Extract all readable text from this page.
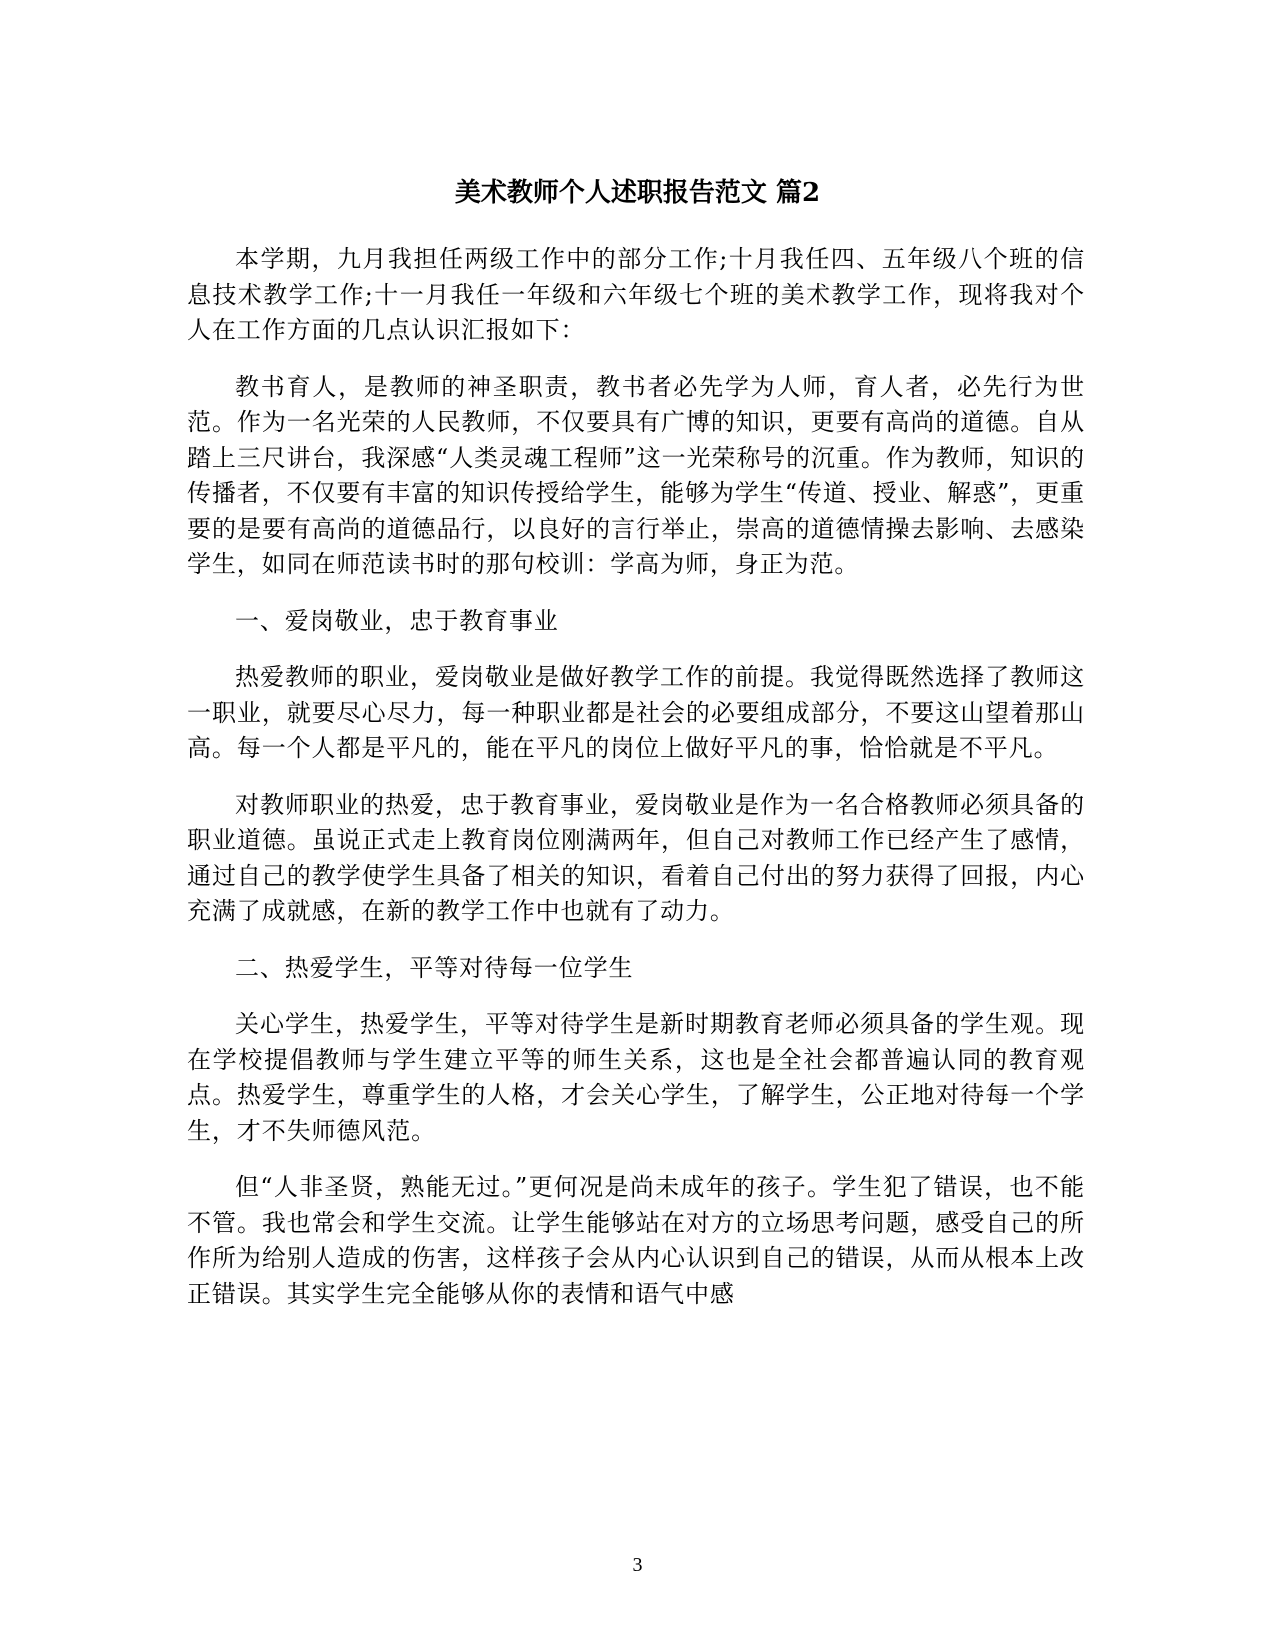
美术教师个人述职报告范文 篇2

本学期，九月我担任两级工作中的部分工作;十月我任四、五年级八个班的信息技术教学工作;十一月我任一年级和六年级七个班的美术教学工作，现将我对个人在工作方面的几点认识汇报如下：

教书育人，是教师的神圣职责，教书者必先学为人师，育人者，必先行为世范。作为一名光荣的人民教师，不仅要具有广博的知识，更要有高尚的道德。自从踏上三尺讲台，我深感“人类灵魂工程师”这一光荣称号的沉重。作为教师，知识的传播者，不仅要有丰富的知识传授给学生，能够为学生“传道、授业、解惑”，更重要的是要有高尚的道德品行，以良好的言行举止，崇高的道德情操去影响、去感染学生，如同在师范读书时的那句校训：学高为师，身正为范。

一、爱岗敬业，忠于教育事业

热爱教师的职业，爱岗敬业是做好教学工作的前提。我觉得既然选择了教师这一职业，就要尽心尽力，每一种职业都是社会的必要组成部分，不要这山望着那山高。每一个人都是平凡的，能在平凡的岗位上做好平凡的事，恰恰就是不平凡。

对教师职业的热爱，忠于教育事业，爱岗敬业是作为一名合格教师必须具备的职业道德。虽说正式走上教育岗位刚满两年，但自己对教师工作已经产生了感情，通过自己的教学使学生具备了相关的知识，看着自己付出的努力获得了回报，内心充满了成就感，在新的教学工作中也就有了动力。

二、热爱学生，平等对待每一位学生

关心学生，热爱学生，平等对待学生是新时期教育老师必须具备的学生观。现在学校提倡教师与学生建立平等的师生关系，这也是全社会都普遍认同的教育观点。热爱学生，尊重学生的人格，才会关心学生，了解学生，公正地对待每一个学生，才不失师德风范。

但“人非圣贤，熟能无过。”更何况是尚未成年的孩子。学生犯了错误，也不能不管。我也常会和学生交流。让学生能够站在对方的立场思考问题，感受自己的所作所为给别人造成的伤害，这样孩子会从内心认识到自己的错误，从而从根本上改正错误。其实学生完全能够从你的表情和语气中感

3
